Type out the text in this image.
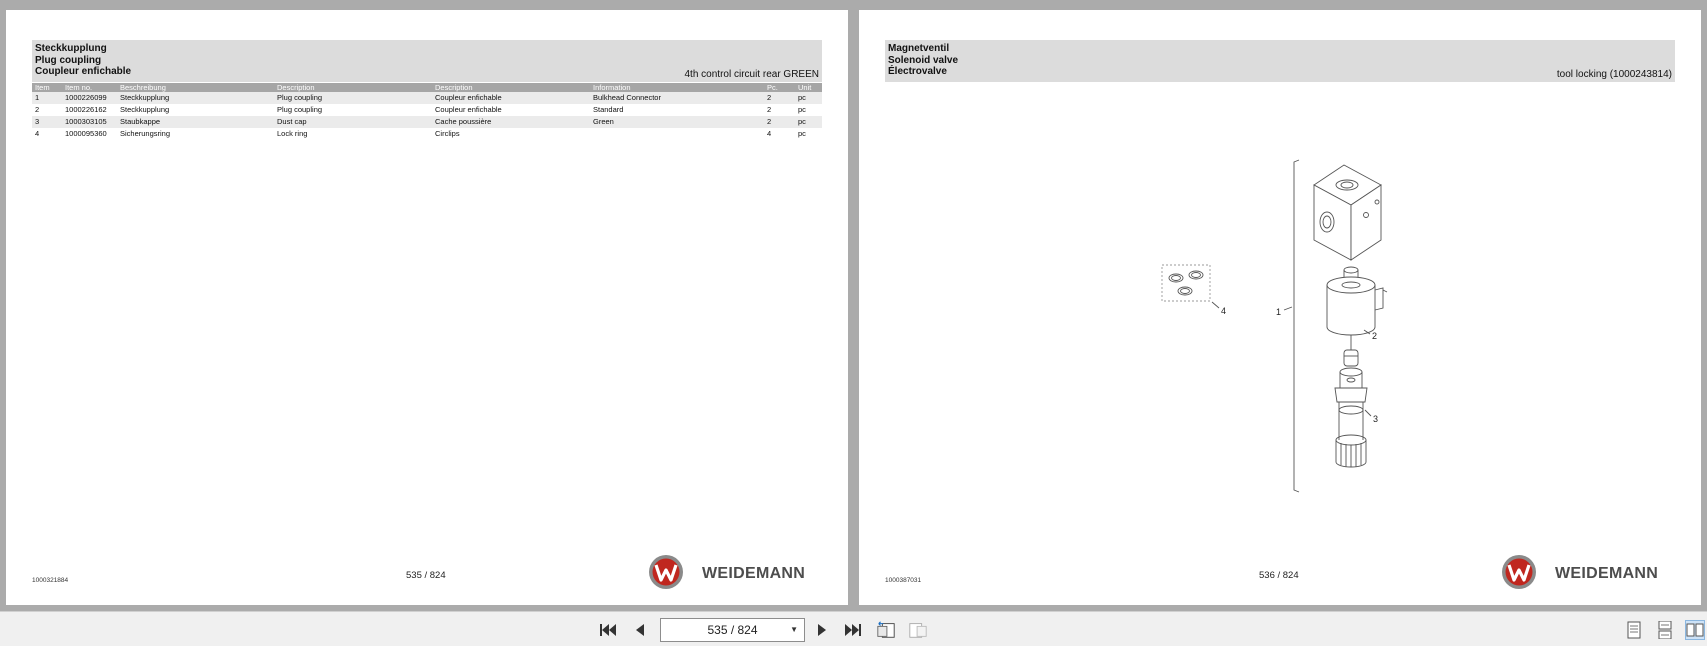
Steckkupplung
Plug coupling
Coupleur enfichable	4th control circuit rear GREEN
Item	Item no.	Beschreibung	Description	Description	Information	Pc.	Unit
1	1000226099	Steckkupplung	Plug coupling	Coupleur enfichable	Bulkhead Connector	2	pc
2	1000226162	Steckkupplung	Plug coupling	Coupleur enfichable	Standard	2	pc
3	1000303105	Staubkappe	Dust cap	Cache poussière	Green	2	pc
4	1000095360	Sicherungsring	Lock ring	Circlips		4	pc
1000321884	535 / 824	WEIDEMANN
Magnetventil
Solenoid valve
Électrovalve	tool locking (1000243814)
4	1
2
3
1000387031	536 / 824	WEIDEMANN
535 / 824	▼
